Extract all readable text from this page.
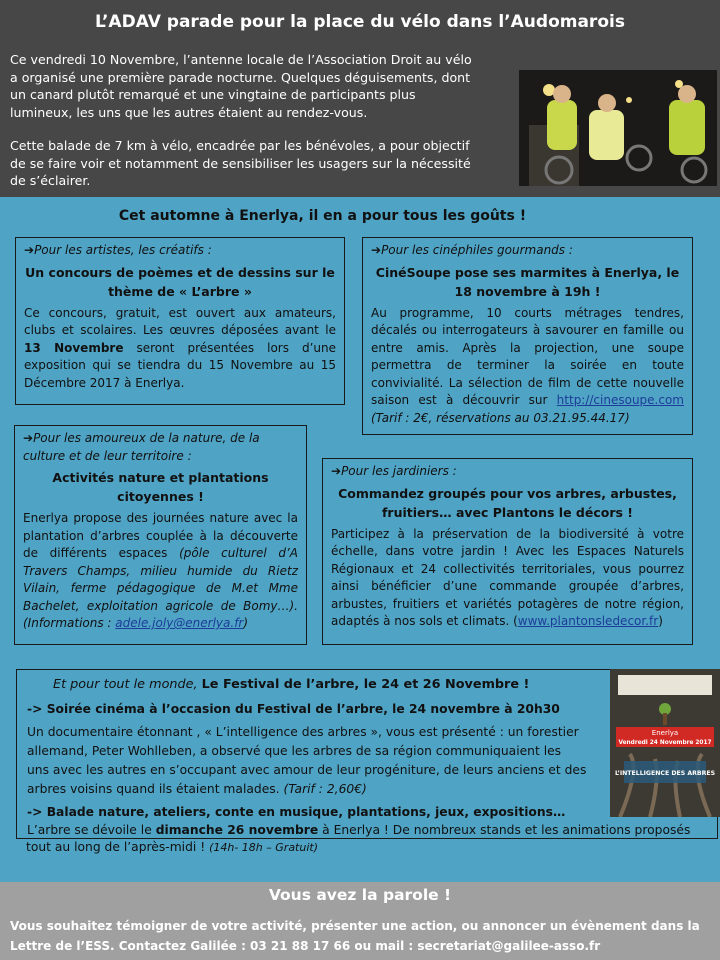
L’ADAV parade pour la place du vélo dans l’Audomarois
Ce vendredi 10 Novembre, l’antenne locale de l’Association Droit au vélo
a organisé une première parade nocturne. Quelques déguisements, dont
un canard plutôt remarqué et une vingtaine de participants plus
lumineux, les uns que les autres étaient au rendez-vous.
Cette balade de 7 km à vélo, encadrée par les bénévoles, a pour objectif
de se faire voir et notamment de sensibiliser les usagers sur la nécessité
de s’éclairer.
Cet automne à Enerlya, il en a pour tous les goûts !
➔Pour les artistes, les créatifs :
Un concours de poèmes et de dessins sur le thème de « L’arbre »
Ce concours, gratuit, est ouvert aux amateurs, clubs et scolaires. Les œuvres déposées avant le 13 Novembre seront présentées lors d’une exposition qui se tiendra du 15 Novembre au 15 Décembre 2017 à Enerlya.
➔Pour les cinéphiles gourmands :
CinéSoupe pose ses marmites à Enerlya, le 18 novembre à 19h !
Au programme, 10 courts métrages tendres, décalés ou interrogateurs à savourer en famille ou entre amis. Après la projection, une soupe permettra de terminer la soirée en toute convivialité. La sélection de film de cette nouvelle saison est à découvrir sur http://cinesoupe.com (Tarif : 2€, réservations au 03.21.95.44.17)
➔Pour les amoureux de la nature, de la culture et de leur territoire :
Activités nature et plantations citoyennes !
Enerlya propose des journées nature avec la plantation d’arbres couplée à la découverte de différents espaces (pôle culturel d’A Travers Champs, milieu humide du Rietz Vilain, ferme pédagogique de M.et Mme Bachelet, exploitation agricole de Bomy…). (Informations : adele.joly@enerlya.fr)
➔Pour les jardiniers :
Commandez groupés pour vos arbres, arbustes, fruitiers… avec Plantons le décors !
Participez à la préservation de la biodiversité à votre échelle, dans votre jardin ! Avec les Espaces Naturels Régionaux et 24 collectivités territoriales, vous pourrez ainsi bénéficier d’une commande groupée d’arbres, arbustes, fruitiers et variétés potagères de notre région, adaptés à nos sols et climats. (www.plantonsledecor.fr)
Et pour tout le monde, Le Festival de l’arbre, le 24 et 26 Novembre !
-> Soirée cinéma à l’occasion du Festival de l’arbre, le 24 novembre à 20h30
Un documentaire étonnant , « L’intelligence des arbres », vous est présenté : un forestier
allemand, Peter Wohlleben, a observé que les arbres de sa région communiquaient les
uns avec les autres en s’occupant avec amour de leur progéniture, de leurs anciens et des
arbres voisins quand ils étaient malades. (Tarif : 2,60€)
-> Balade nature, ateliers, conte en musique, plantations, jeux, expositions…
L’arbre se dévoile le dimanche 26 novembre à Enerlya ! De nombreux stands et les animations proposés
tout au long de l’après-midi ! (14h- 18h – Gratuit)
Enerlya
Vendredi 24 Novembre 2017
L’INTELLIGENCE DES ARBRES
Vous avez la parole !
Vous souhaitez témoigner de votre activité, présenter une action, ou annoncer un évènement dans la
Lettre de l’ESS. Contactez Galilée : 03 21 88 17 66 ou mail : secretariat@galilee-asso.fr
